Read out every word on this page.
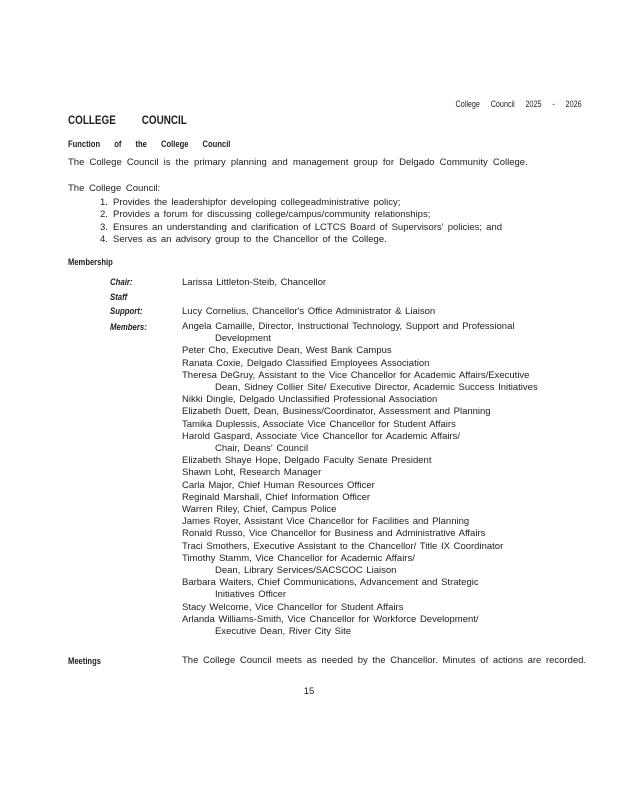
College Council 2025 - 2026
COLLEGE COUNCIL
Function of the College Council

The College Council is the primary planning and management group for Delgado Community College.

The College Council:

1. Provides the leadershipfor developing collegeadministrative policy;
2. Provides a forum for discussing college/campus/community relationships;
3. Ensures an understanding and clarification of LCTCS Board of Supervisors' policies; and
4. Serves as an advisory group to the Chancellor of the College.
Membership
Chair:	Larissa Littleton-Steib, Chancellor
Staff
Support:	Lucy Cornelius, Chancellor's Office Administrator & Liaison
Members:	Angela Camaille, Director, Instructional Technology, Support and Professional
Development
Peter Cho, Executive Dean, West Bank Campus
Ranata Coxie, Delgado Classified Employees Association
Theresa DeGruy, Assistant to the Vice Chancellor for Academic Affairs/Executive
Dean, Sidney Collier Site/ Executive Director, Academic Success Initiatives
Nikki Dingle, Delgado Unclassified Professional Association
Elizabeth Duett, Dean, Business/Coordinator, Assessment and Planning
Tamika Duplessis, Associate Vice Chancellor for Student Affairs
Harold Gaspard, Associate Vice Chancellor for Academic Affairs/
Chair, Deans' Council
Elizabeth Shaye Hope, Delgado Faculty Senate President
Shawn Loht, Research Manager
Carla Major, Chief Human Resources Officer
Reginald Marshall, Chief Information Officer
Warren Riley, Chief, Campus Police
James Royer, Assistant Vice Chancellor for Facilities and Planning
Ronald Russo, Vice Chancellor for Business and Administrative Affairs
Traci Smothers, Executive Assistant to the Chancellor/ Title IX Coordinator
Timothy Stamm, Vice Chancellor for Academic Affairs/
Dean, Library Services/SACSCOC Liaison
Barbara Waiters, Chief Communications, Advancement and Strategic
Initiatives Officer
Stacy Welcome, Vice Chancellor for Student Affairs
Arlanda Williams-Smith, Vice Chancellor for Workforce Development/
Executive Dean, River City Site
Meetings	The College Council meets as needed by the Chancellor. Minutes of actions are recorded.

15
